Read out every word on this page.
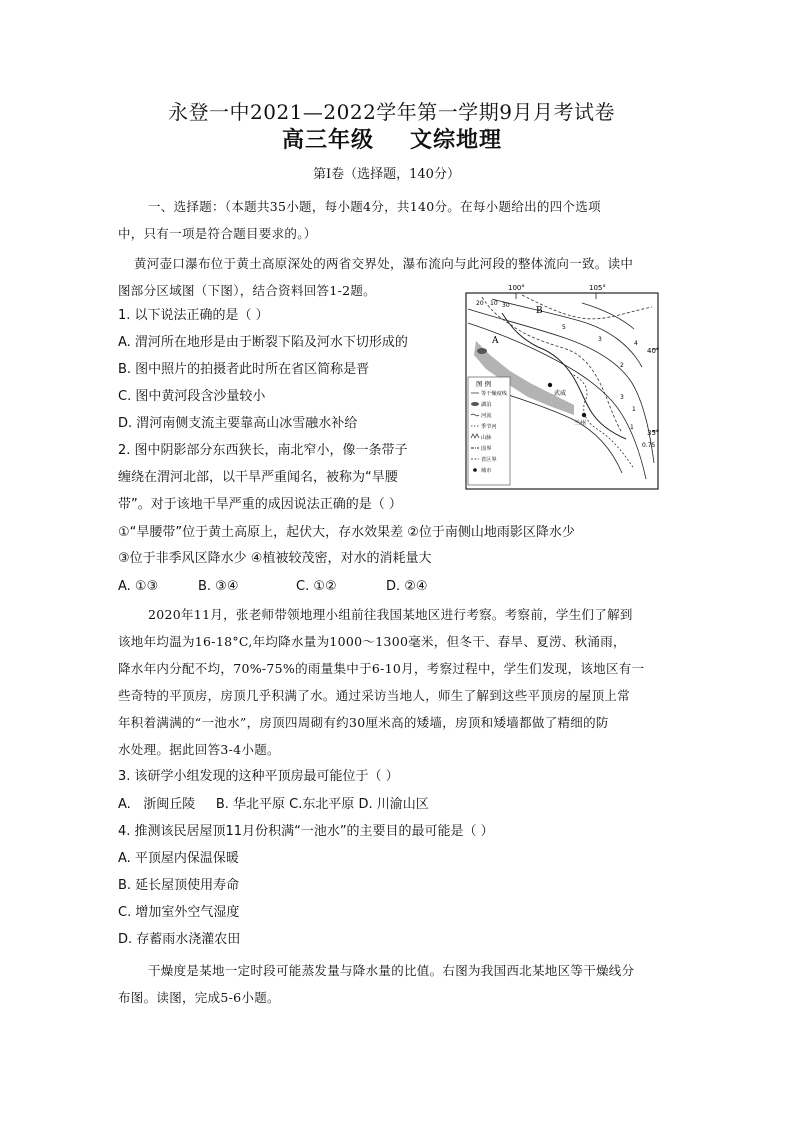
永登一中2021—2022学年第一学期9月月考试卷
高三年级 文综地理
第Ⅰ卷（选择题，140分）
一、选择题：（本题共35小题，每小题4分，共140分。在每小题给出的四个选项
中，只有一项是符合题目要求的。）
黄河壶口瀑布位于黄土高原深处的两省交界处，瀑布流向与此河段的整体流向一致。读中
图部分区域图（下图），结合资料回答1-2题。
1. 以下说法正确的是（ ）
A. 渭河所在地形是由于断裂下陷及河水下切形成的
B. 图中照片的拍摄者此时所在省区简称是晋
C. 图中黄河段含沙量较小
D. 渭河南侧支流主要靠高山冰雪融水补给
2. 图中阴影部分东西狭长，南北窄小，像一条带子
缠绕在渭河北部，以干旱严重闻名，被称为“旱腰
带”。对于该地干旱严重的成因说法正确的是（ ）
①“旱腰带”位于黄土高原上，起伏大，存水效果差 ②位于南侧山地雨影区降水少
③位于非季风区降水少 ④植被较茂密，对水的消耗量大
A. ①③	B. ③④	C. ①②	D. ②④
100°	105°
40°
35°
20 10 30
5
3
2
4
3
1
0.75
1
A
B
武威
兰州
图 例
等干燥度线
湖泊
河流
季节河
山脉
国界
省区界
城市
2020年11月，张老师带领地理小组前往我国某地区进行考察。考察前，学生们了解到
该地年均温为16-18°C,年均降水量为1000～1300毫米，但冬干、春旱、夏涝、秋涌雨，
降水年内分配不均，70%-75%的雨量集中于6-10月，考察过程中，学生们发现，该地区有一
些奇特的平顶房，房顶几乎积满了水。通过采访当地人，师生了解到这些平顶房的屋顶上常
年积着满满的“一池水”，房顶四周砌有约30厘米高的矮墙，房顶和矮墙都做了精细的防
水处理。据此回答3-4小题。
3. 该研学小组发现的这种平顶房最可能位于（ ）
A.   浙闽丘陵     B. 华北平原 C.东北平原 D. 川渝山区
4. 推测该民居屋顶11月份积满“一池水”的主要目的最可能是（ ）
A. 平顶屋内保温保暖
B. 延长屋顶使用寿命
C. 增加室外空气湿度
D. 存蓄雨水浇灌农田
干燥度是某地一定时段可能蒸发量与降水量的比值。右图为我国西北某地区等干燥线分
布图。读图，完成5-6小题。
